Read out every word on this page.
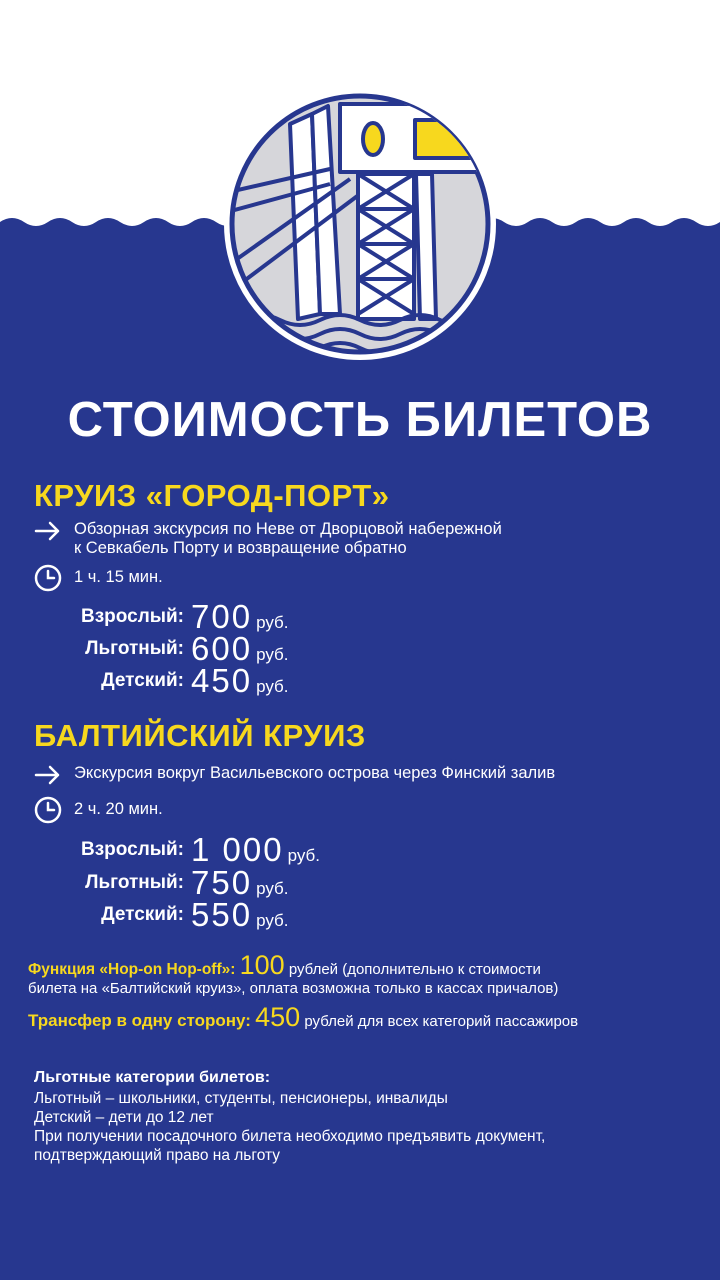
СТОИМОСТЬ БИЛЕТОВ
КРУИЗ «ГОРОД-ПОРТ»
Обзорная экскурсия по Неве от Дворцовой набережной
к Севкабель Порту и возвращение обратно
1 ч. 15 мин.
Взрослый: 700 руб.
Льготный: 600 руб.
Детский: 450 руб.
БАЛТИЙСКИЙ КРУИЗ
Экскурсия вокруг Васильевского острова через Финский залив
2 ч. 20 мин.
Взрослый: 1 000 руб.
Льготный: 750 руб.
Детский: 550 руб.
Функция «Hop-on Hop-off»: 100 рублей (дополнительно к стоимости
билета на «Балтийский круиз», оплата возможна только в кассах причалов)
Трансфер в одну сторону: 450 рублей для всех категорий пассажиров
Льготные категории билетов:
Льготный – школьники, студенты, пенсионеры, инвалиды
Детский – дети до 12 лет
При получении посадочного билета необходимо предъявить документ,
подтверждающий право на льготу
